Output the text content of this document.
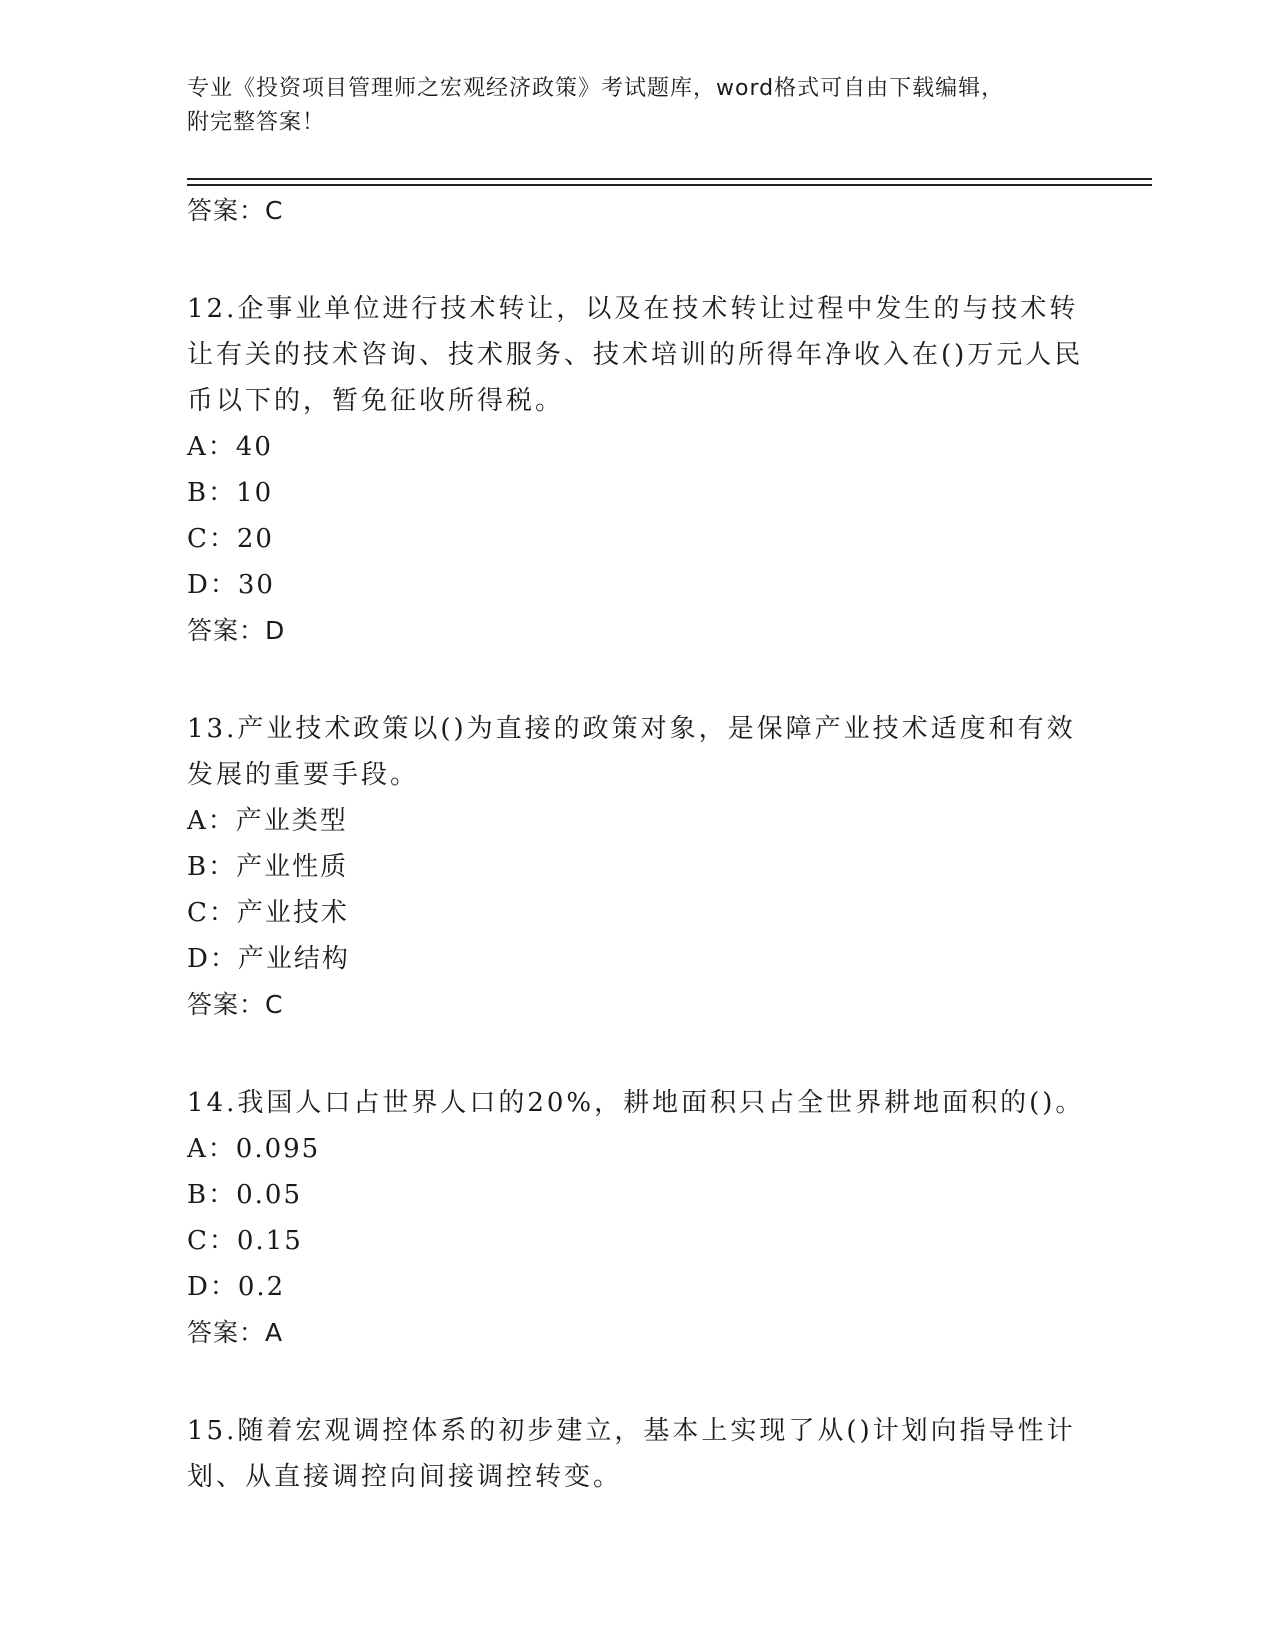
专业《投资项目管理师之宏观经济政策》考试题库，word格式可自由下载编辑，
附完整答案！
答案：C
12.企事业单位进行技术转让，以及在技术转让过程中发生的与技术转让有关的技术咨询、技术服务、技术培训的所得年净收入在()万元人民币以下的，暂免征收所得税。
A：40
B：10
C：20
D：30
答案：D
13.产业技术政策以()为直接的政策对象，是保障产业技术适度和有效发展的重要手段。
A：产业类型
B：产业性质
C：产业技术
D：产业结构
答案：C
14.我国人口占世界人口的20%，耕地面积只占全世界耕地面积的()。
A：0.095
B：0.05
C：0.15
D：0.2
答案：A
15.随着宏观调控体系的初步建立，基本上实现了从()计划向指导性计划、从直接调控向间接调控转变。
